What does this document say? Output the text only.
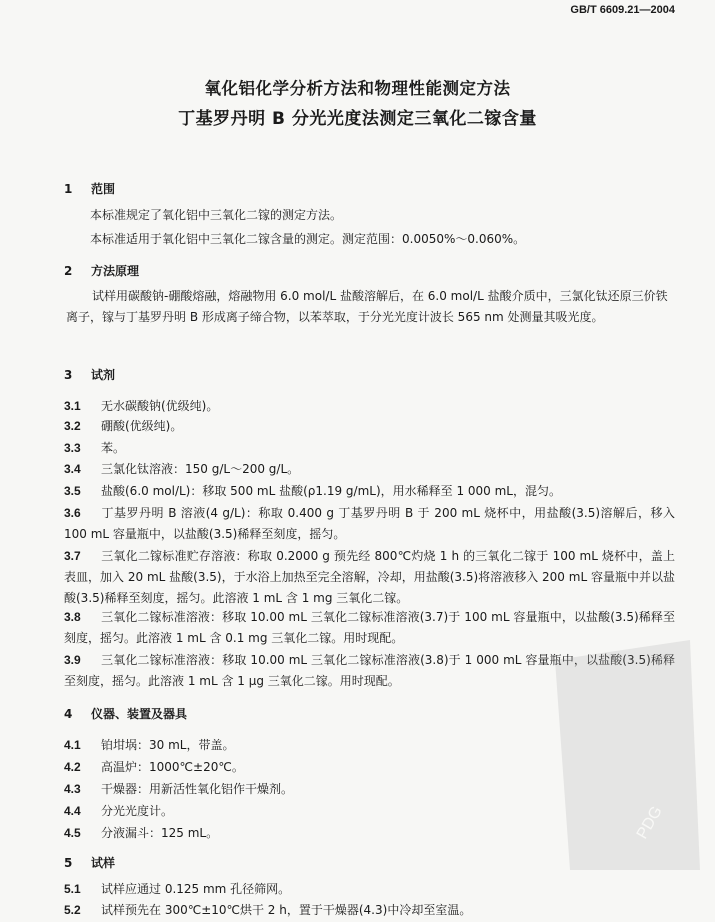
GB/T 6609.21—2004
氧化铝化学分析方法和物理性能测定方法
丁基罗丹明 B 分光光度法测定三氧化二镓含量
1 范围
本标准规定了氧化铝中三氧化二镓的测定方法。
本标准适用于氧化铝中三氧化二镓含量的测定。测定范围：0.0050%～0.060%。
2 方法原理
试样用碳酸钠-硼酸熔融，熔融物用 6.0 mol/L 盐酸溶解后，在 6.0 mol/L 盐酸介质中，三氯化钛还原三价铁离子，镓与丁基罗丹明 B 形成离子缔合物，以苯萃取，于分光光度计波长 565 nm 处测量其吸光度。
3 试剂
3.1 无水碳酸钠(优级纯)。
3.2 硼酸(优级纯)。
3.3 苯。
3.4 三氯化钛溶液：150 g/L～200 g/L。
3.5 盐酸(6.0 mol/L)：移取 500 mL 盐酸(ρ1.19 g/mL)，用水稀释至 1 000 mL，混匀。
3.6 丁基罗丹明 B 溶液(4 g/L)：称取 0.400 g 丁基罗丹明 B 于 200 mL 烧杯中，用盐酸(3.5)溶解后，移入 100 mL 容量瓶中，以盐酸(3.5)稀释至刻度，摇匀。
3.7 三氧化二镓标准贮存溶液：称取 0.2000 g 预先经 800℃灼烧 1 h 的三氧化二镓于 100 mL 烧杯中，盖上表皿，加入 20 mL 盐酸(3.5)，于水浴上加热至完全溶解，冷却，用盐酸(3.5)将溶液移入 200 mL 容量瓶中并以盐酸(3.5)稀释至刻度，摇匀。此溶液 1 mL 含 1 mg 三氧化二镓。
3.8 三氧化二镓标准溶液：移取 10.00 mL 三氧化二镓标准溶液(3.7)于 100 mL 容量瓶中，以盐酸(3.5)稀释至刻度，摇匀。此溶液 1 mL 含 0.1 mg 三氧化二镓。用时现配。
3.9 三氧化二镓标准溶液：移取 10.00 mL 三氧化二镓标准溶液(3.8)于 1 000 mL 容量瓶中，以盐酸(3.5)稀释至刻度，摇匀。此溶液 1 mL 含 1 μg 三氧化二镓。用时现配。
4 仪器、装置及器具
4.1 铂坩埚：30 mL，带盖。
4.2 高温炉：1000℃±20℃。
4.3 干燥器：用新活性氧化铝作干燥剂。
4.4 分光光度计。
4.5 分液漏斗：125 mL。
5 试样
5.1 试样应通过 0.125 mm 孔径筛网。
5.2 试样预先在 300℃±10℃烘干 2 h，置于干燥器(4.3)中冷却至室温。
PDG
